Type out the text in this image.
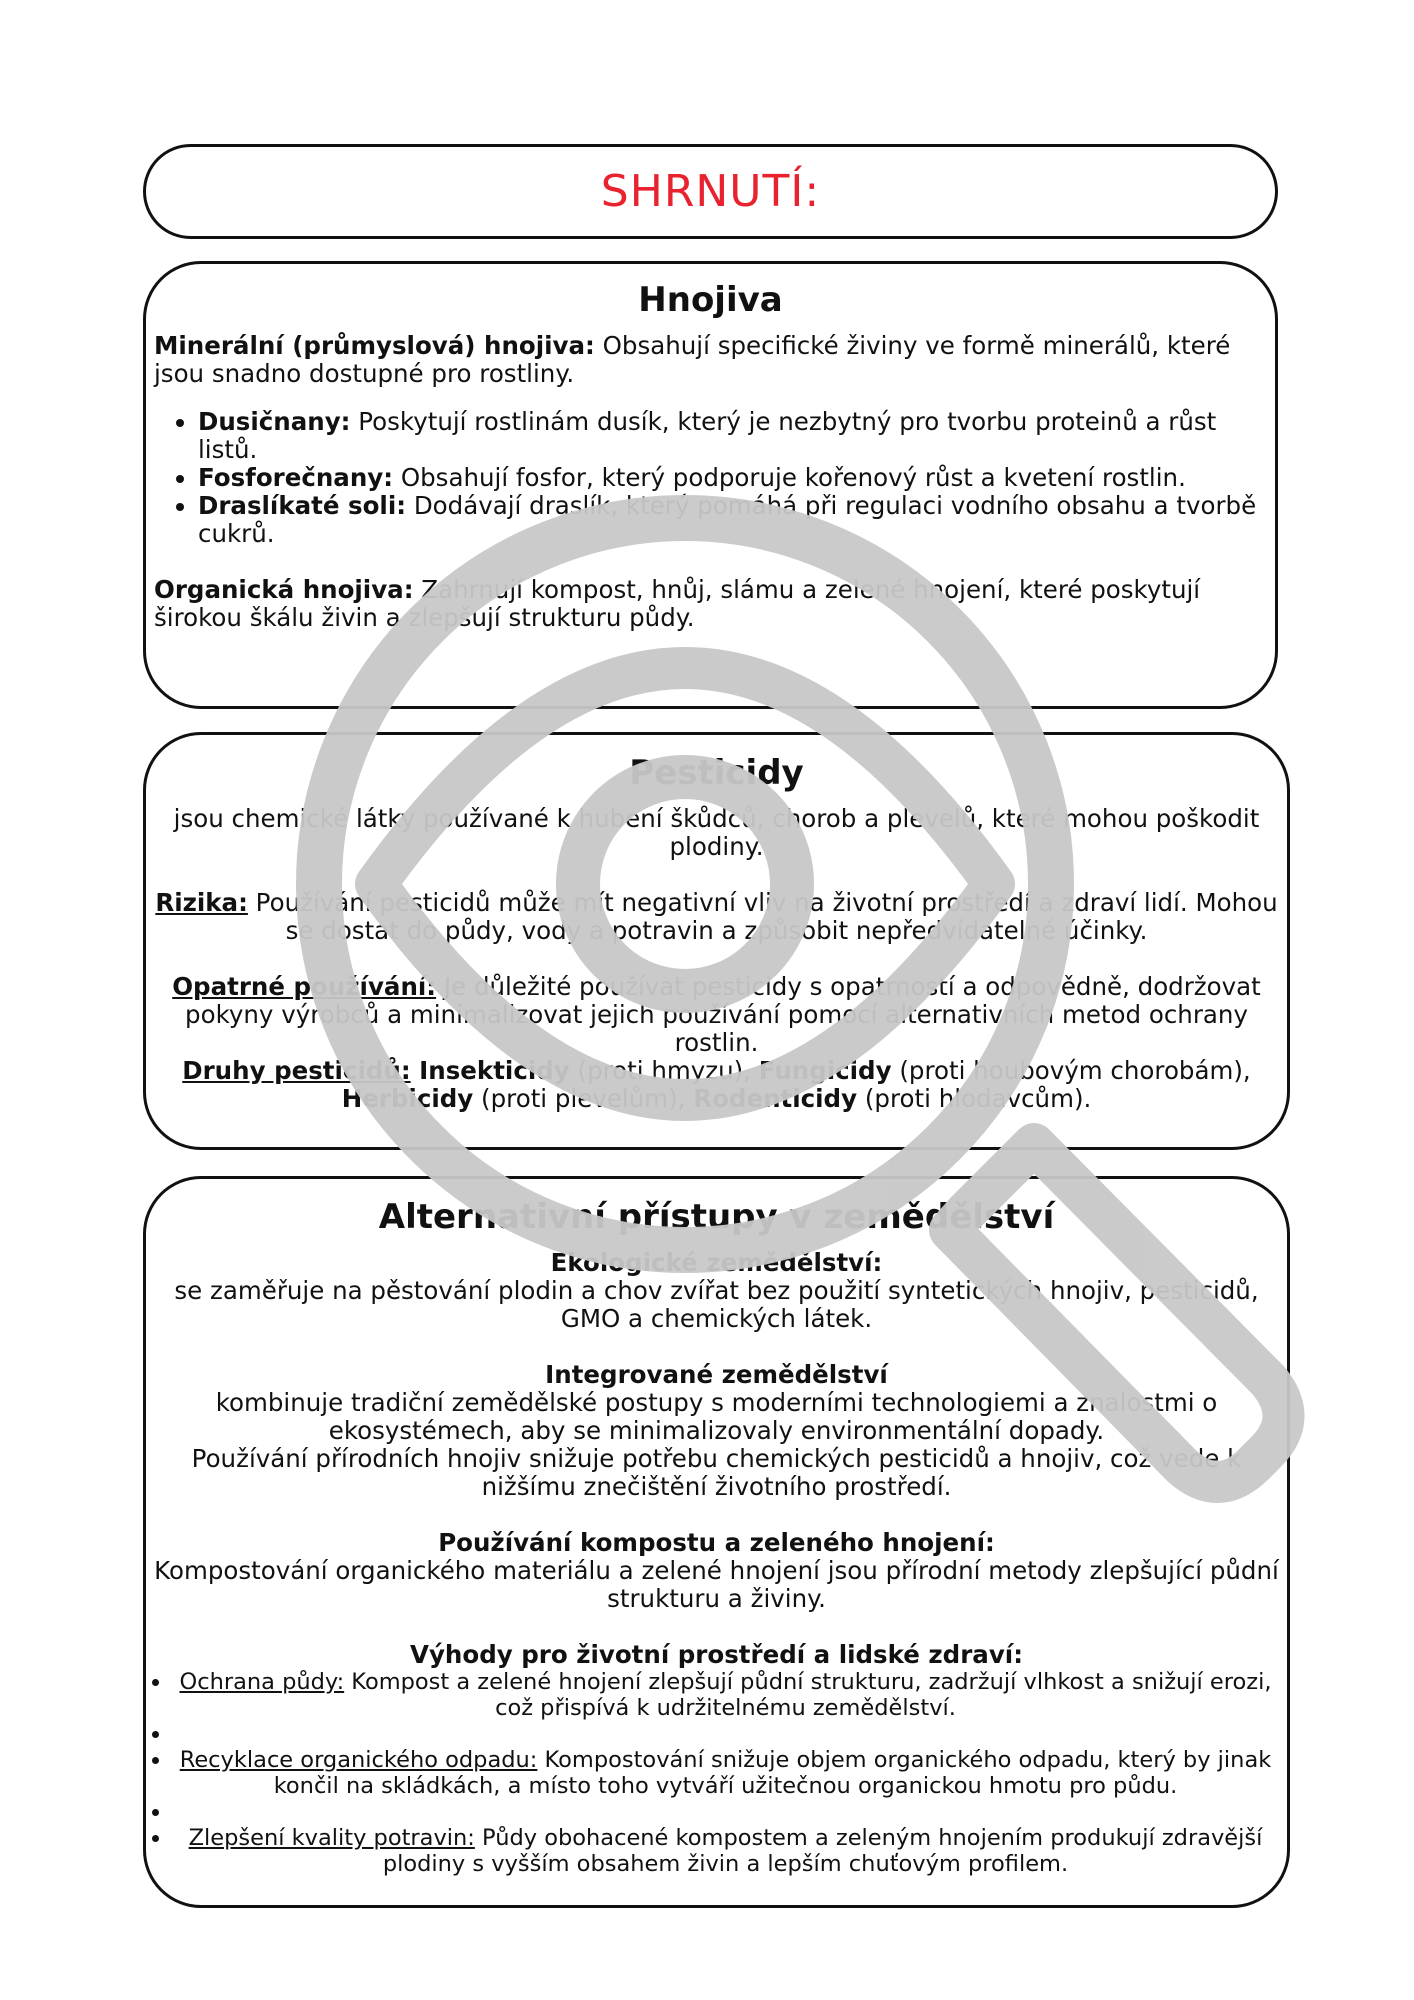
SHRNUTÍ:
Hnojiva

Minerální (průmyslová) hnojiva: Obsahují specifické živiny ve formě minerálů, které jsou snadno dostupné pro rostliny.

• Dusičnany: Poskytují rostlinám dusík, který je nezbytný pro tvorbu proteinů a růst listů.
• Fosforečnany: Obsahují fosfor, který podporuje kořenový růst a kvetení rostlin.
• Draslíkaté soli: Dodávají draslík, který pomáhá při regulaci vodního obsahu a tvorbě cukrů.

Organická hnojiva: Zahrnují kompost, hnůj, slámu a zelené hnojení, které poskytují širokou škálu živin a zlepšují strukturu půdy.

Pesticidy

jsou chemické látky používané k hubení škůdců, chorob a plevelů, které mohou poškodit plodiny.

Rizika: Používání pesticidů může mít negativní vliv na životní prostředí a zdraví lidí. Mohou se dostat do půdy, vody a potravin a způsobit nepředvídatelné účinky.

Opatrné používání: Je důležité používat pesticidy s opatrností a odpovědně, dodržovat pokyny výrobců a minimalizovat jejich používání pomocí alternativních metod ochrany rostlin.

Druhy pesticidů: Insekticidy (proti hmyzu), Fungicidy (proti houbovým chorobám), Herbicidy (proti plevelům), Rodenticidy (proti hlodavcům).

Alternativní přístupy v zemědělství

Ekologické zemědělství:

se zaměřuje na pěstování plodin a chov zvířat bez použití syntetických hnojiv, pesticidů, GMO a chemických látek.

Integrované zemědělství

kombinuje tradiční zemědělské postupy s moderními technologiemi a znalostmi o ekosystémech, aby se minimalizovaly environmentální dopady.

Používání přírodních hnojiv snižuje potřebu chemických pesticidů a hnojiv, což vede k nižšímu znečištění životního prostředí.

Používání kompostu a zeleného hnojení:

Kompostování organického materiálu a zelené hnojení jsou přírodní metody zlepšující půdní strukturu a živiny.

Výhody pro životní prostředí a lidské zdraví:

• Ochrana půdy: Kompost a zelené hnojení zlepšují půdní strukturu, zadržují vlhkost a snižují erozi, což přispívá k udržitelnému zemědělství.
•
• Recyklace organického odpadu: Kompostování snižuje objem organického odpadu, který by jinak končil na skládkách, a místo toho vytváří užitečnou organickou hmotu pro půdu.
•
• Zlepšení kvality potravin: Půdy obohacené kompostem a zeleným hnojením produkují zdravější plodiny s vyšším obsahem živin a lepším chuťovým profilem.
